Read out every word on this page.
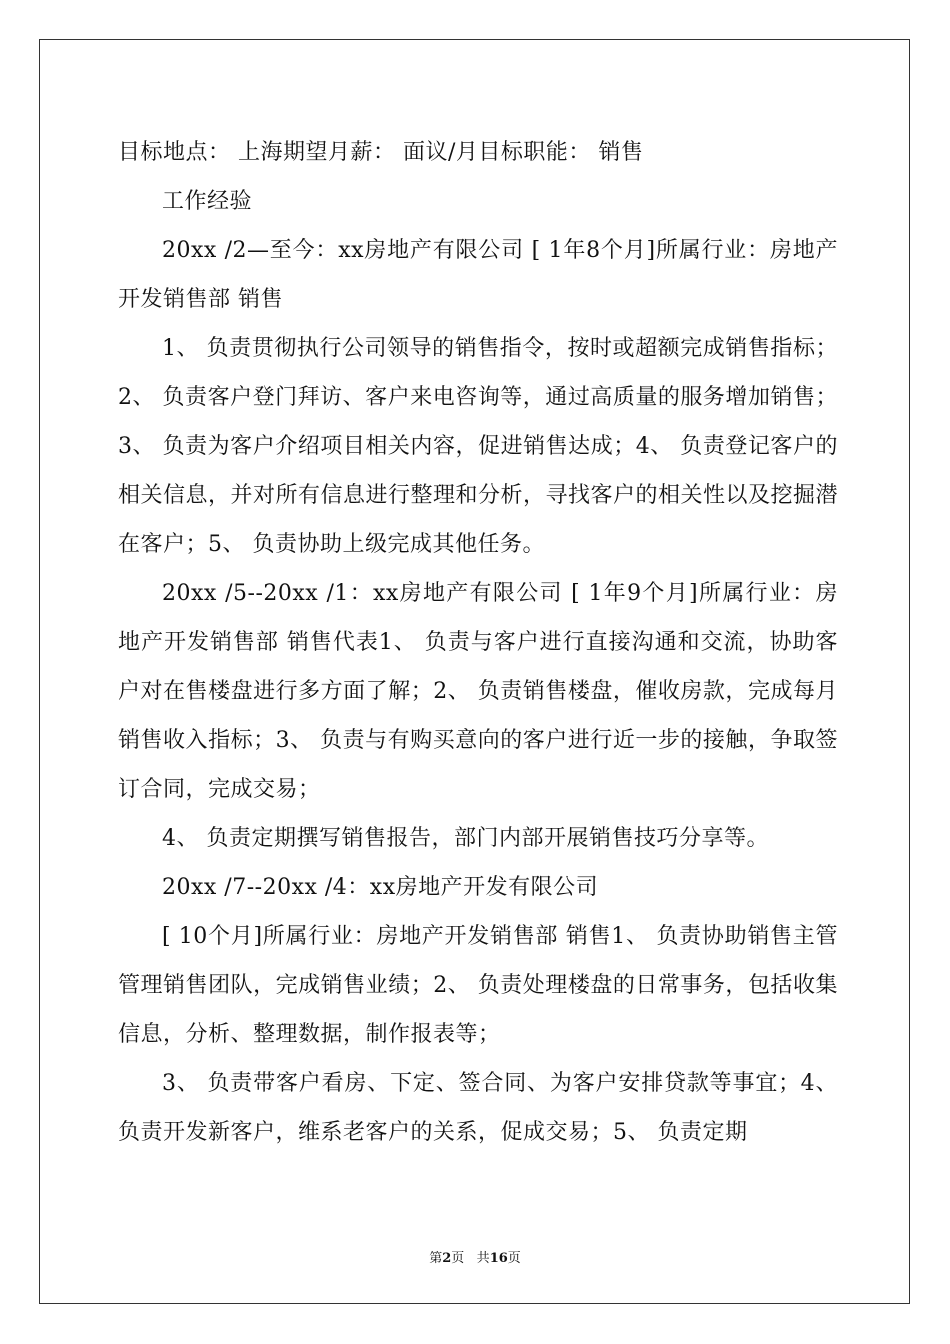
目标地点： 上海期望月薪： 面议/月目标职能： 销售

工作经验

20xx /2—至今：xx房地产有限公司 [ 1年8个月]所属行业：房地产开发销售部 销售

1、 负责贯彻执行公司领导的销售指令，按时或超额完成销售指标；2、 负责客户登门拜访、客户来电咨询等，通过高质量的服务增加销售；3、 负责为客户介绍项目相关内容，促进销售达成；4、 负责登记客户的相关信息，并对所有信息进行整理和分析，寻找客户的相关性以及挖掘潜在客户；5、 负责协助上级完成其他任务。

20xx /5--20xx /1：xx房地产有限公司 [ 1年9个月]所属行业：房地产开发销售部 销售代表1、 负责与客户进行直接沟通和交流，协助客户对在售楼盘进行多方面了解；2、 负责销售楼盘，催收房款，完成每月销售收入指标；3、 负责与有购买意向的客户进行近一步的接触，争取签订合同，完成交易；

4、 负责定期撰写销售报告，部门内部开展销售技巧分享等。

20xx /7--20xx /4：xx房地产开发有限公司

[ 10个月]所属行业：房地产开发销售部 销售1、 负责协助销售主管管理销售团队，完成销售业绩；2、 负责处理楼盘的日常事务，包括收集信息，分析、整理数据，制作报表等；

3、 负责带客户看房、下定、签合同、为客户安排贷款等事宜；4、 负责开发新客户，维系老客户的关系，促成交易；5、 负责定期

第2页 共16页
